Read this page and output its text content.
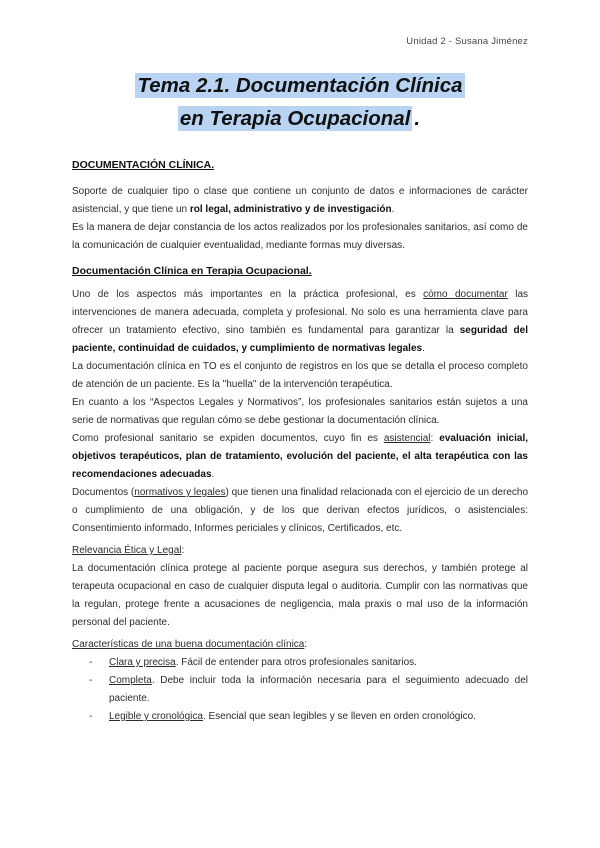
Unidad 2 - Susana Jiménez
Tema 2.1. Documentación Clínica
en Terapia Ocupacional .
DOCUMENTACIÓN CLÍNICA.

Soporte de cualquier tipo o clase que contiene un conjunto de datos e informaciones de carácter asistencial, y que tiene un rol legal, administrativo y de investigación.

Es la manera de dejar constancia de los actos realizados por los profesionales sanitarios, así como de la comunicación de cualquier eventualidad, mediante formas muy diversas.

Documentación Clínica en Terapia Ocupacional.

Uno de los aspectos más importantes en la práctica profesional, es cómo documentar las intervenciones de manera adecuada, completa y profesional. No solo es una herramienta clave para ofrecer un tratamiento efectivo, sino también es fundamental para garantizar la seguridad del paciente, continuidad de cuidados, y cumplimiento de normativas legales.

La documentación clínica en TO es el conjunto de registros en los que se detalla el proceso completo de atención de un paciente. Es la "huella" de la intervención terapéutica.

En cuanto a los “Aspectos Legales y Normativos”, los profesionales sanitarios están sujetos a una serie de normativas que regulan cómo se debe gestionar la documentación clínica.

Como profesional sanitario se expiden documentos, cuyo fin es asistencial: evaluación inicial, objetivos terapéuticos, plan de tratamiento, evolución del paciente, el alta terapéutica con las recomendaciones adecuadas.

Documentos (normativos y legales) que tienen una finalidad relacionada con el ejercicio de un derecho o cumplimiento de una obligación, y de los que derivan efectos jurídicos, o asistenciales: Consentimiento informado, Informes periciales y clínicos, Certificados, etc.

Relevancia Ética y Legal:

La documentación clínica protege al paciente porque asegura sus derechos, y también protege al terapeuta ocupacional en caso de cualquier disputa legal o auditoria. Cumplir con las normativas que la regulan, protege frente a acusaciones de negligencia, mala praxis o mal uso de la información personal del paciente.

Características de una buena documentación clínica:
- Clara y precisa. Fácil de entender para otros profesionales sanitarios.
- Completa. Debe incluir toda la información necesaria para el seguimiento adecuado del paciente.
- Legible y cronológica. Esencial que sean legibles y se lleven en orden cronológico.
